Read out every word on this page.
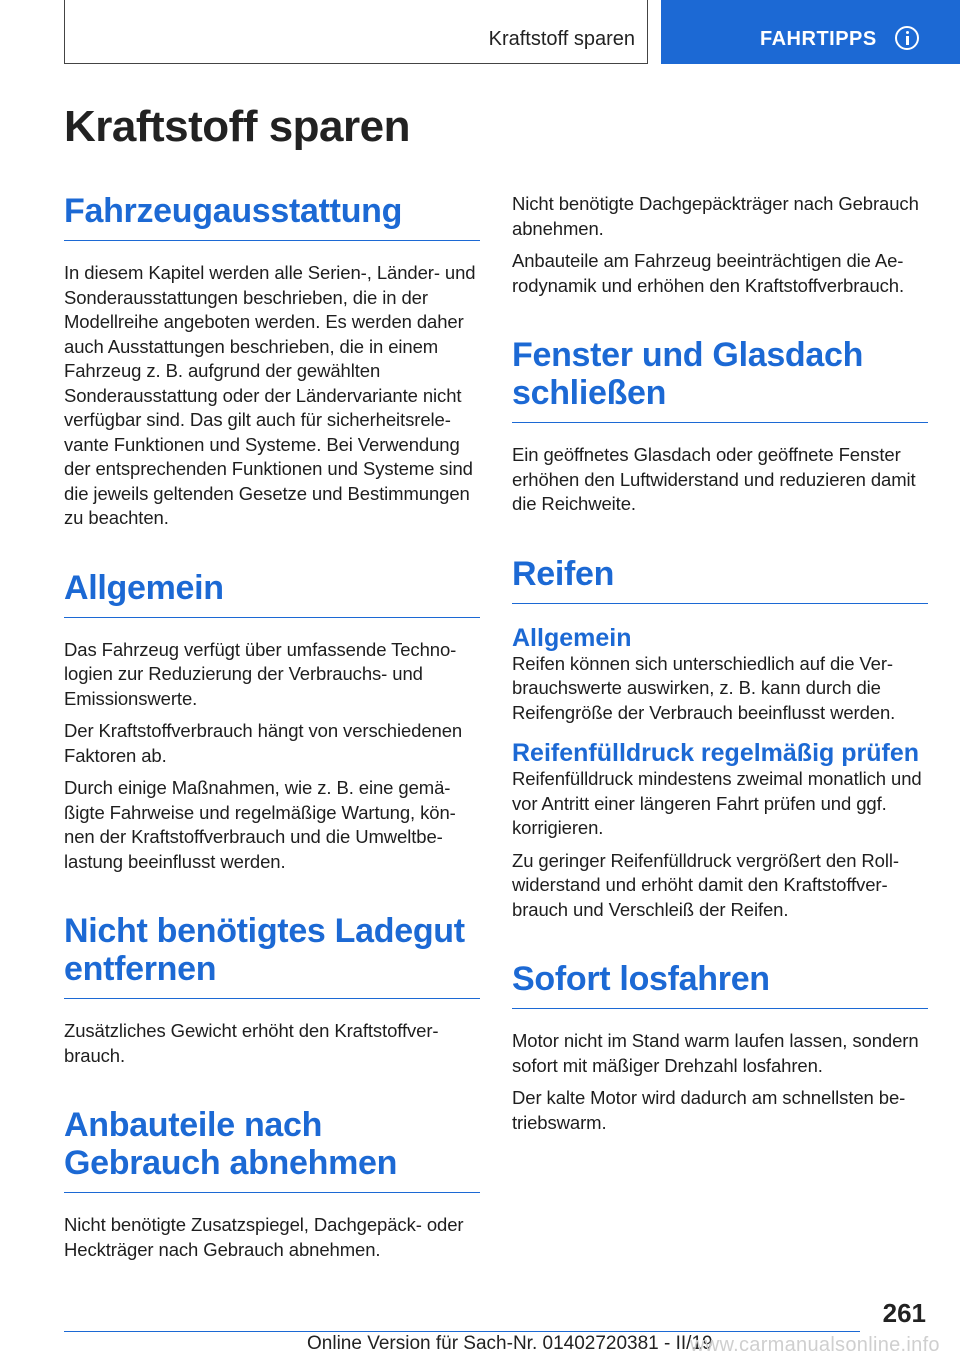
Kraftstoff sparen	FAHRTIPPS
Kraftstoff sparen
Fahrzeugausstattung

In diesem Kapitel werden alle Serien-, Länder- und Sonderausstattungen beschrieben, die in der Modellreihe angeboten werden. Es werden daher auch Ausstattungen beschrieben, die in einem Fahrzeug z. B. aufgrund der gewählten Sonderausstattung oder der Ländervariante nicht verfügbar sind. Das gilt auch für sicherheitsrelevante Funktionen und Systeme. Bei Verwendung der entsprechenden Funktionen und Systeme sind die jeweils geltenden Gesetze und Bestimmungen zu beachten.

Allgemein

Das Fahrzeug verfügt über umfassende Technologien zur Reduzierung der Verbrauchs- und Emissionswerte.

Der Kraftstoffverbrauch hängt von verschiedenen Faktoren ab.

Durch einige Maßnahmen, wie z. B. eine gemäßigte Fahrweise und regelmäßige Wartung, können der Kraftstoffverbrauch und die Umweltbelastung beeinflusst werden.

Nicht benötigtes Ladegut entfernen

Zusätzliches Gewicht erhöht den Kraftstoffverbrauch.

Anbauteile nach Gebrauch abnehmen

Nicht benötigte Zusatzspiegel, Dachgepäck- oder Heckträger nach Gebrauch abnehmen.

Nicht benötigte Dachgepäckträger nach Gebrauch abnehmen.

Anbauteile am Fahrzeug beeinträchtigen die Aerodynamik und erhöhen den Kraftstoffverbrauch.

Fenster und Glasdach schließen

Ein geöffnetes Glasdach oder geöffnete Fenster erhöhen den Luftwiderstand und reduzieren damit die Reichweite.

Reifen
Allgemein

Reifen können sich unterschiedlich auf die Verbrauchswerte auswirken, z. B. kann durch die Reifengröße der Verbrauch beeinflusst werden.

Reifenfülldruck regelmäßig prüfen

Reifenfülldruck mindestens zweimal monatlich und vor Antritt einer längeren Fahrt prüfen und ggf. korrigieren.

Zu geringer Reifenfülldruck vergrößert den Rollwiderstand und erhöht damit den Kraftstoffverbrauch und Verschleiß der Reifen.

Sofort losfahren

Motor nicht im Stand warm laufen lassen, sondern sofort mit mäßiger Drehzahl losfahren.

Der kalte Motor wird dadurch am schnellsten betriebswarm.

261
Online Version für Sach-Nr. 01402720381 - II/19
www.carmanualsonline.info
